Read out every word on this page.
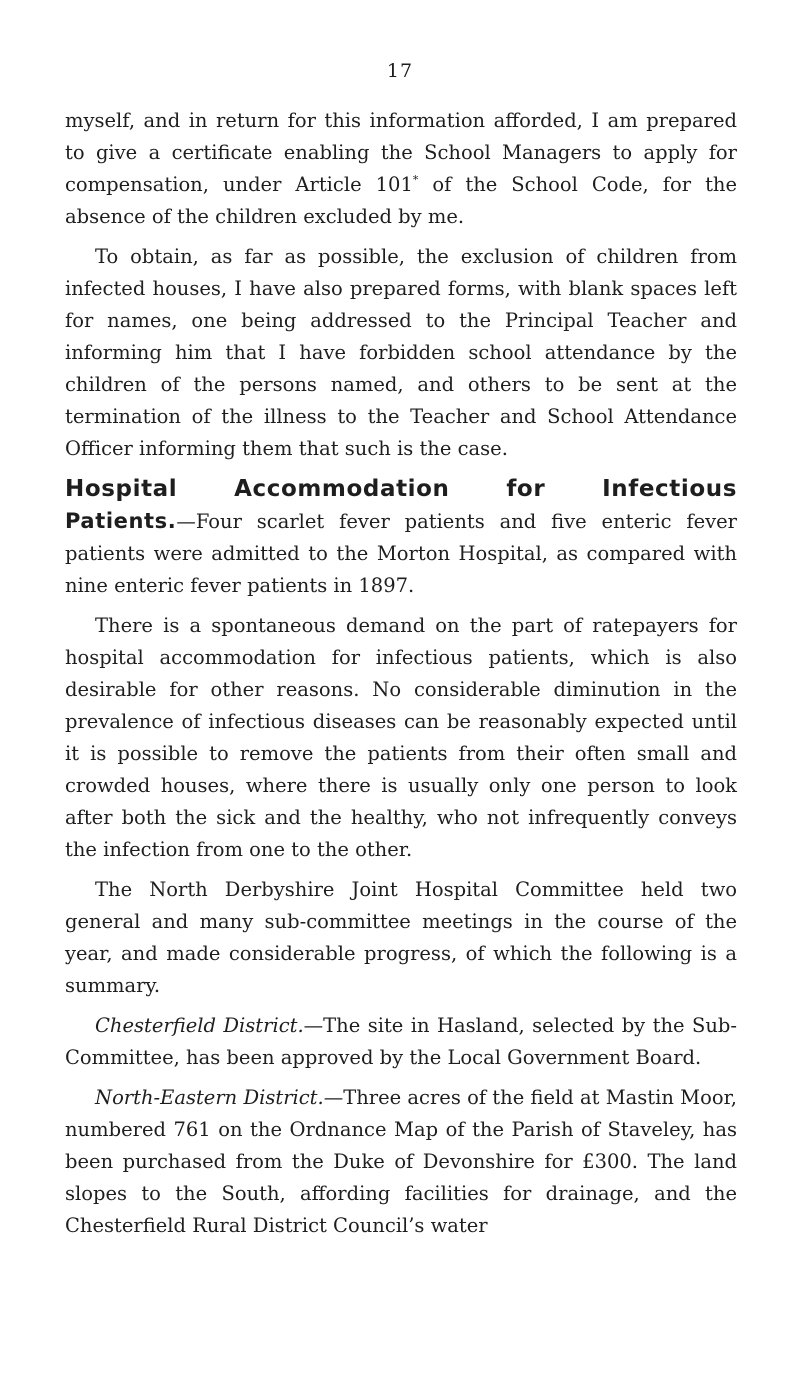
17

myself, and in return for this information afforded, I am prepared to give a certificate enabling the School Managers to apply for compensation, under Article 101* of the School Code, for the absence of the children excluded by me.

To obtain, as far as possible, the exclusion of children from infected houses, I have also prepared forms, with blank spaces left for names, one being addressed to the Principal Teacher and informing him that I have forbidden school attendance by the children of the persons named, and others to be sent at the termination of the illness to the Teacher and School Attendance Officer informing them that such is the case.

Hospital Accommodation for Infectious
Patients.—Four scarlet fever patients and five enteric fever patients were admitted to the Morton Hospital, as compared with nine enteric fever patients in 1897.

There is a spontaneous demand on the part of ratepayers for hospital accommodation for infectious patients, which is also desirable for other reasons. No considerable diminution in the prevalence of infectious diseases can be reasonably expected until it is possible to remove the patients from their often small and crowded houses, where there is usually only one person to look after both the sick and the healthy, who not infrequently conveys the infection from one to the other.

The North Derbyshire Joint Hospital Committee held two general and many sub-committee meetings in the course of the year, and made considerable progress, of which the following is a summary.

Chesterfield District.—The site in Hasland, selected by the Sub-Committee, has been approved by the Local Government Board.

North-Eastern District.—Three acres of the field at Mastin Moor, numbered 761 on the Ordnance Map of the Parish of Staveley, has been purchased from the Duke of Devonshire for £300. The land slopes to the South, affording facilities for drainage, and the Chesterfield Rural District Council’s water
